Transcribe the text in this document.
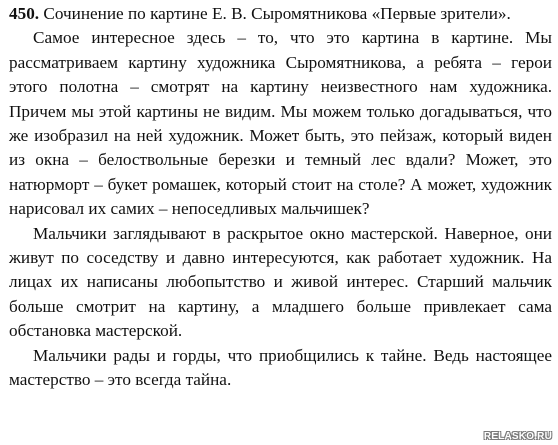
450. Сочинение по картине Е. В. Сыромятникова «Первые зрители».

Самое интересное здесь – то, что это картина в картине. Мы рассматриваем картину художника Сыромятникова, а ребята – герои этого полотна – смотрят на картину неизвестного нам художника. Причем мы этой картины не видим. Мы можем только догадываться, что же изобразил на ней художник. Может быть, это пейзаж, который виден из окна – белоствольные березки и темный лес вдали? Может, это натюрморт – букет ромашек, который стоит на столе? А может, художник нарисовал их самих – непоседливых мальчишек?

Мальчики заглядывают в раскрытое окно мастерской. Наверное, они живут по соседству и давно интересуются, как работает художник. На лицах их написаны любопытство и живой интерес. Старший мальчик больше смотрит на картину, а младшего больше привлекает сама обстановка мастерской.

Мальчики рады и горды, что приобщились к тайне. Ведь настоящее мастерство – это всегда тайна.

RELASKO.RU
